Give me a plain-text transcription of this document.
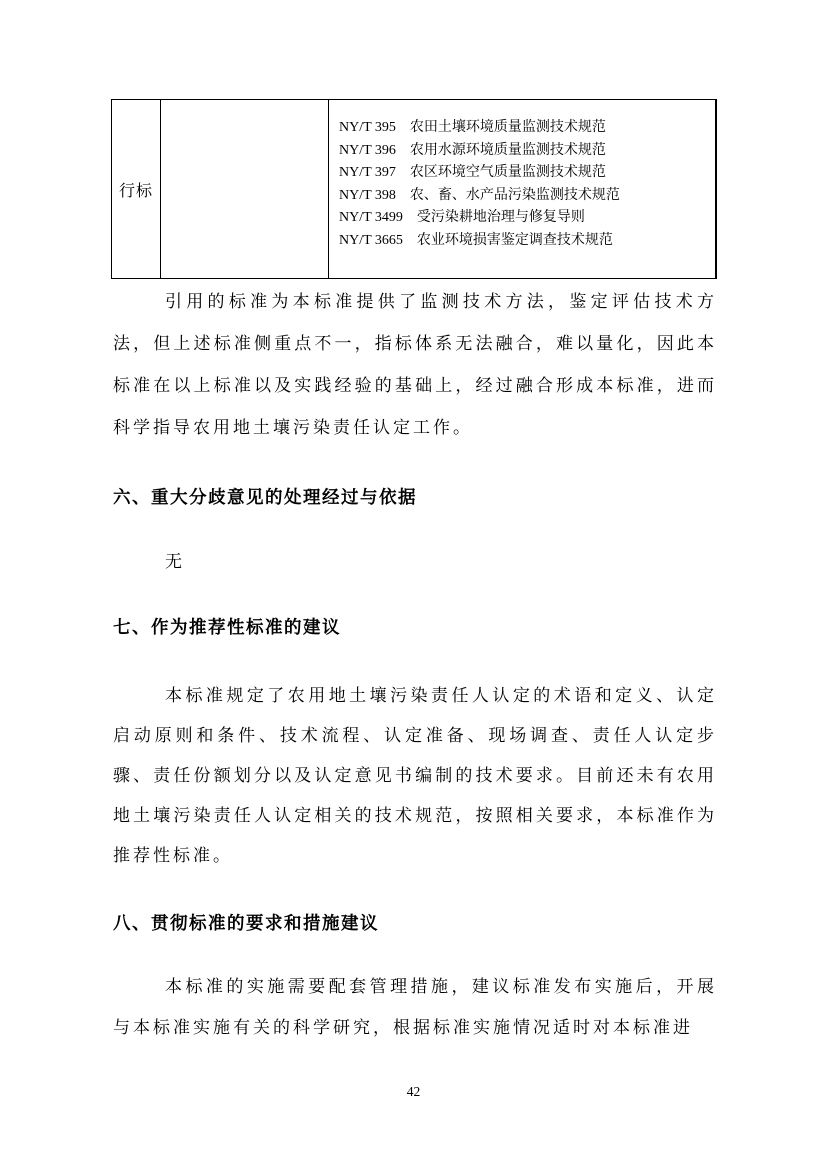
行标
NY/T 395 农田土壤环境质量监测技术规范
NY/T 396 农用水源环境质量监测技术规范
NY/T 397 农区环境空气质量监测技术规范
NY/T 398 农、畜、水产品污染监测技术规范
NY/T 3499 受污染耕地治理与修复导则
NY/T 3665 农业环境损害鉴定调查技术规范

引用的标准为本标准提供了监测技术方法，鉴定评估技术方法，但上述标准侧重点不一，指标体系无法融合，难以量化，因此本标准在以上标准以及实践经验的基础上，经过融合形成本标准，进而科学指导农用地土壤污染责任认定工作。

六、重大分歧意见的处理经过与依据

无

七、作为推荐性标准的建议

本标准规定了农用地土壤污染责任人认定的术语和定义、认定启动原则和条件、技术流程、认定准备、现场调查、责任人认定步骤、责任份额划分以及认定意见书编制的技术要求。目前还未有农用地土壤污染责任人认定相关的技术规范，按照相关要求，本标准作为推荐性标准。

八、贯彻标准的要求和措施建议

本标准的实施需要配套管理措施，建议标准发布实施后，开展与本标准实施有关的科学研究，根据标准实施情况适时对本标准进

42
